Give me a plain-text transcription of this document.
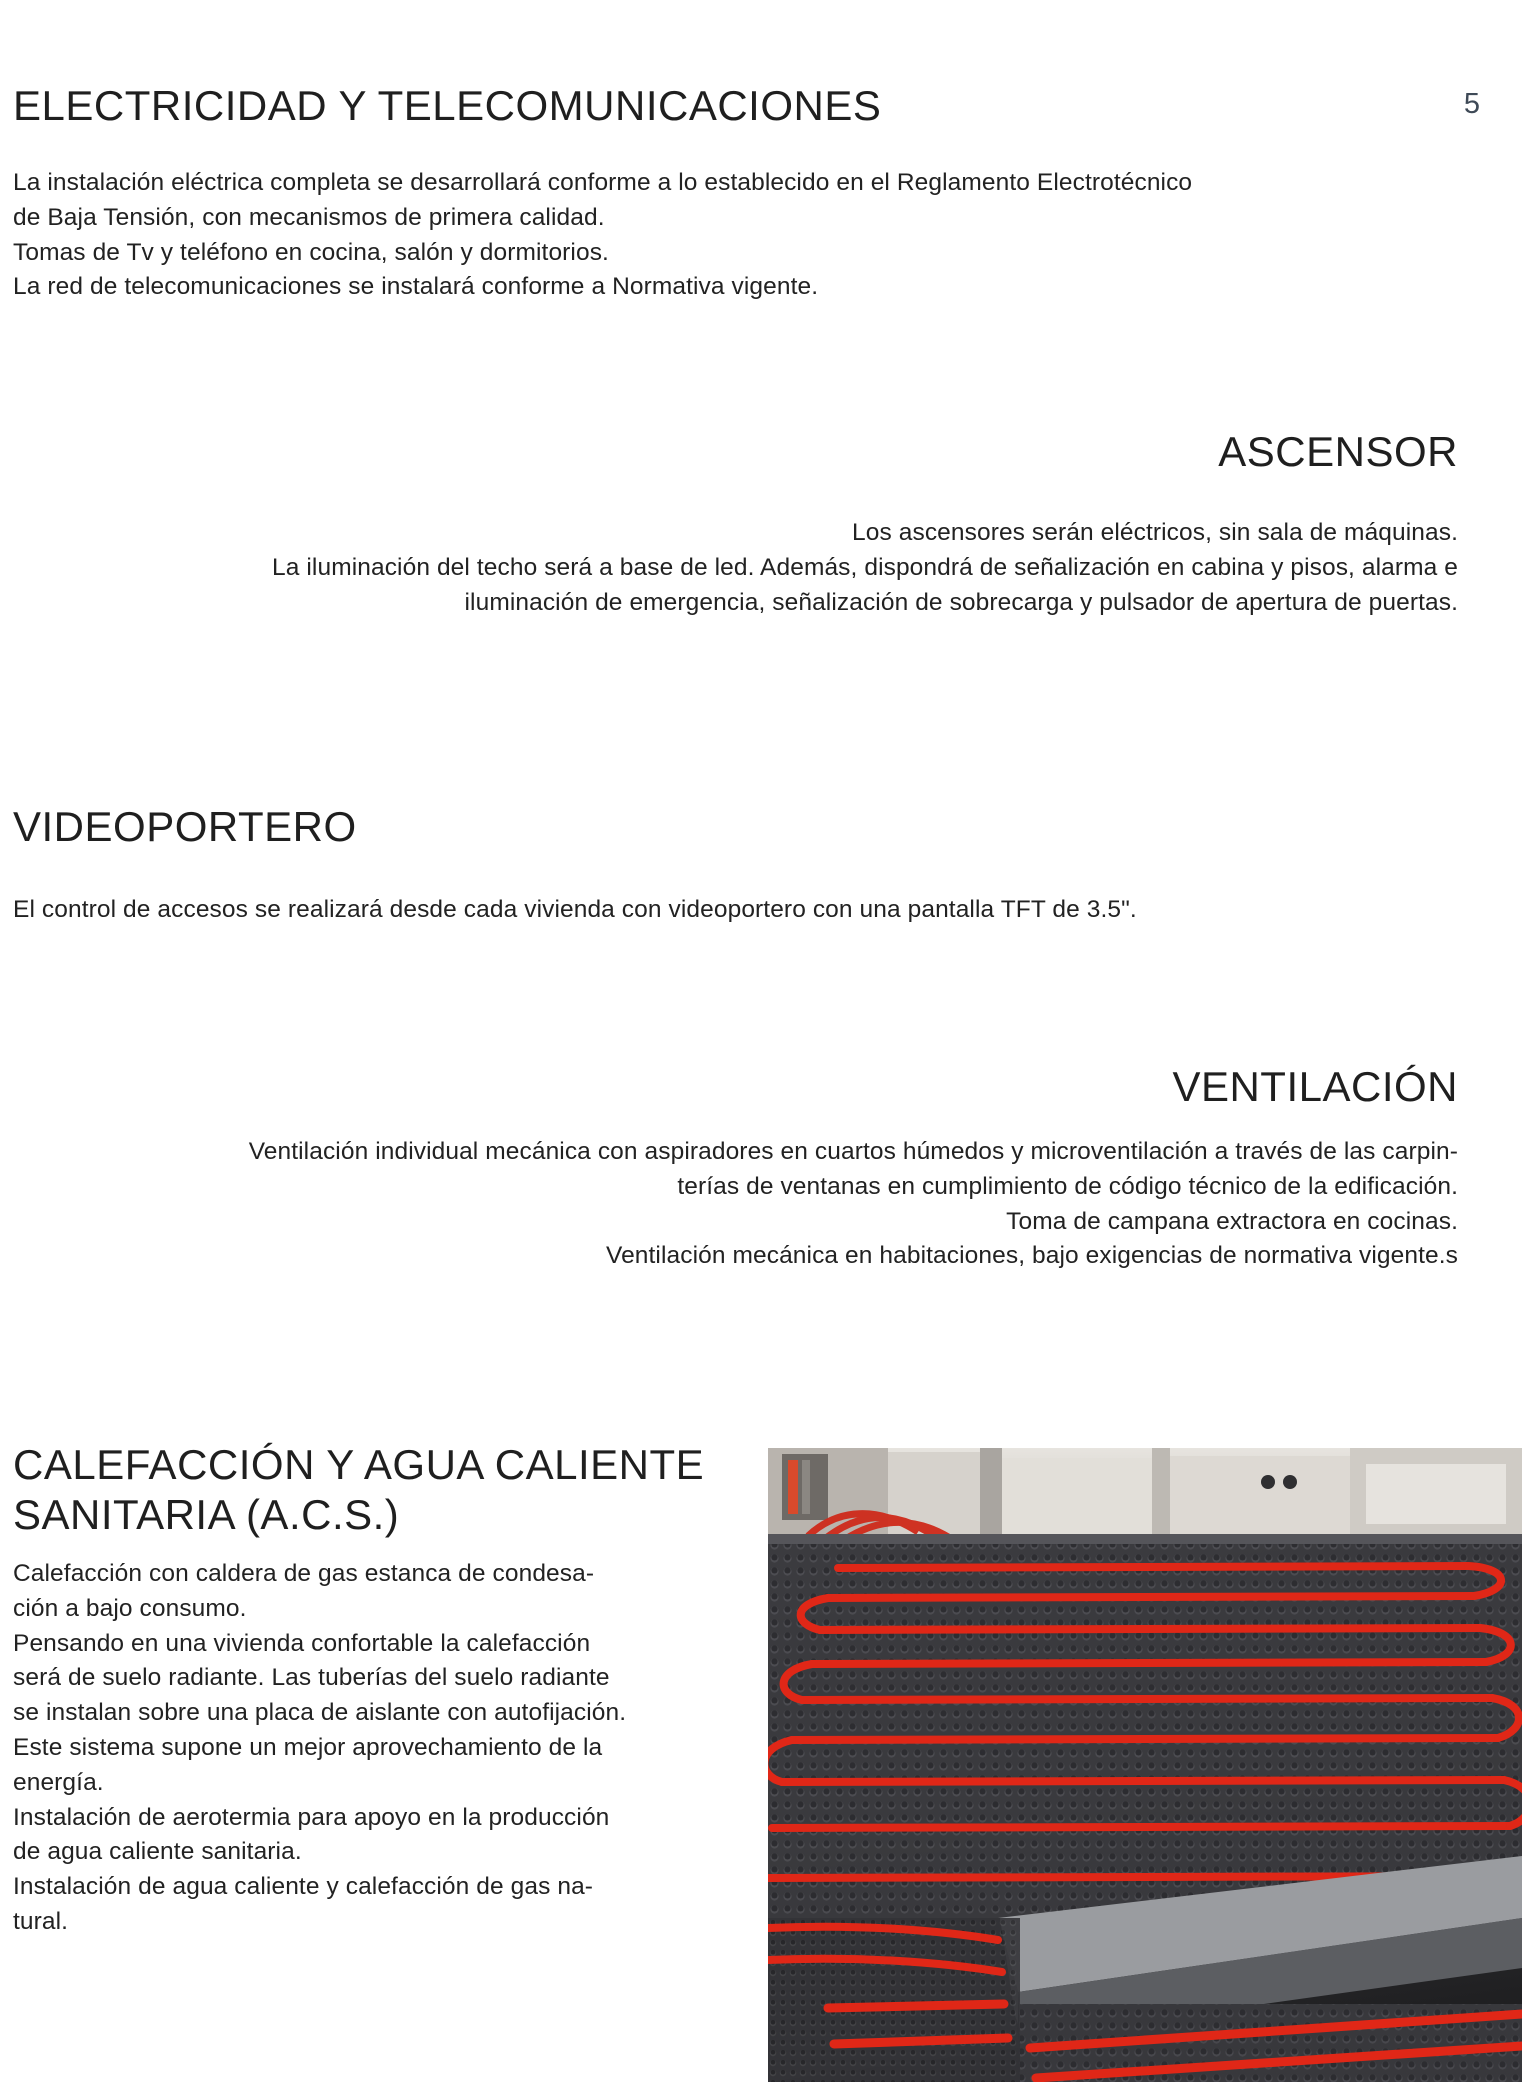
5
ELECTRICIDAD Y TELECOMUNICACIONES
La instalación eléctrica completa se desarrollará conforme a lo establecido en el Reglamento Electrotécnico
de Baja Tensión, con mecanismos de primera calidad.
Tomas de Tv y teléfono en cocina, salón y dormitorios.
La red de telecomunicaciones se instalará conforme a Normativa vigente.
ASCENSOR
Los ascensores serán eléctricos, sin sala de máquinas.
La iluminación del techo será a base de led. Además, dispondrá de señalización en cabina y pisos, alarma e
iluminación de emergencia, señalización de sobrecarga y pulsador de apertura de puertas.
VIDEOPORTERO
El control de accesos se realizará desde cada vivienda con videoportero con una pantalla TFT de 3.5".
VENTILACIÓN
Ventilación individual mecánica con aspiradores en cuartos húmedos y microventilación a través de las carpin-
terías de ventanas en cumplimiento de código técnico de la edificación.
Toma de campana extractora en cocinas.
Ventilación mecánica en habitaciones, bajo exigencias de normativa vigente.s
CALEFACCIÓN Y AGUA CALIENTE SANITARIA (A.C.S.)
Calefacción con caldera de gas estanca de condesa-
ción a bajo consumo.
Pensando en una vivienda confortable la calefacción
será de suelo radiante. Las tuberías del suelo radiante
se instalan sobre una placa de aislante con autofijación.
Este sistema supone un mejor aprovechamiento de la
energía.
Instalación de aerotermia para apoyo en la producción
de agua caliente sanitaria.
Instalación de agua caliente y calefacción de gas na-
tural.
